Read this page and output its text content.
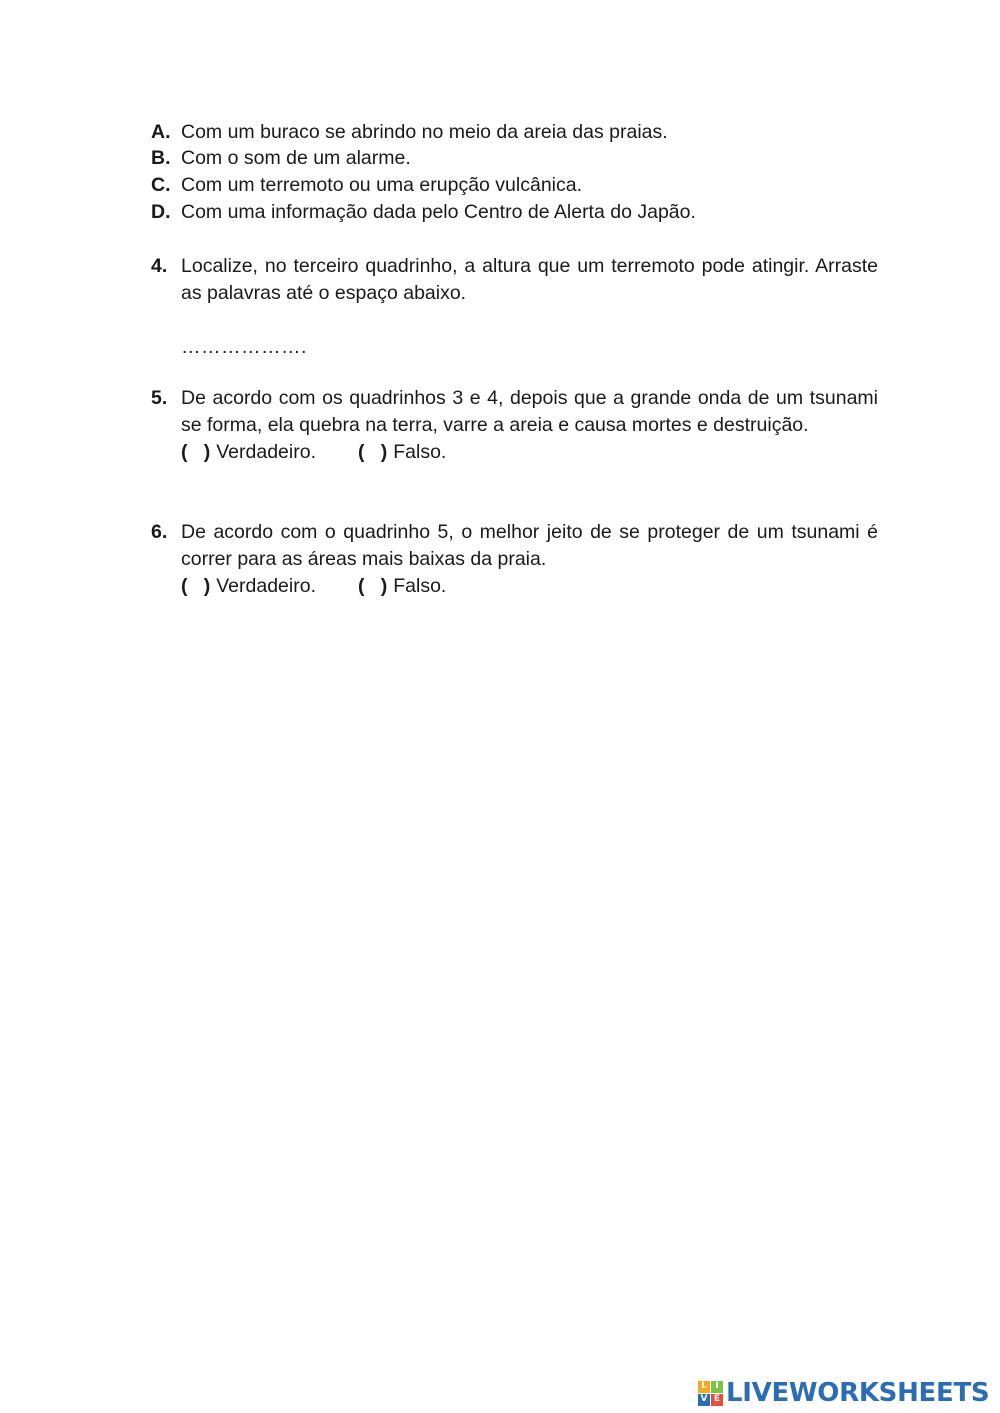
A. Com um buraco se abrindo no meio da areia das praias.
B. Com o som de um alarme.
C. Com um terremoto ou uma erupção vulcânica.
D. Com uma informação dada pelo Centro de Alerta do Japão.
4. Localize, no terceiro quadrinho, a altura que um terremoto pode atingir. Arraste as palavras até o espaço abaixo.
……………….
5. De acordo com os quadrinhos 3 e 4, depois que a grande onda de um tsunami se forma, ela quebra na terra, varre a areia e causa mortes e destruição.
(   ) Verdadeiro. (   ) Falso.
6. De acordo com o quadrinho 5, o melhor jeito de se proteger de um tsunami é correr para as áreas mais baixas da praia.
(   ) Verdadeiro. (   ) Falso.
L I
V E LIVEWORKSHEETS
